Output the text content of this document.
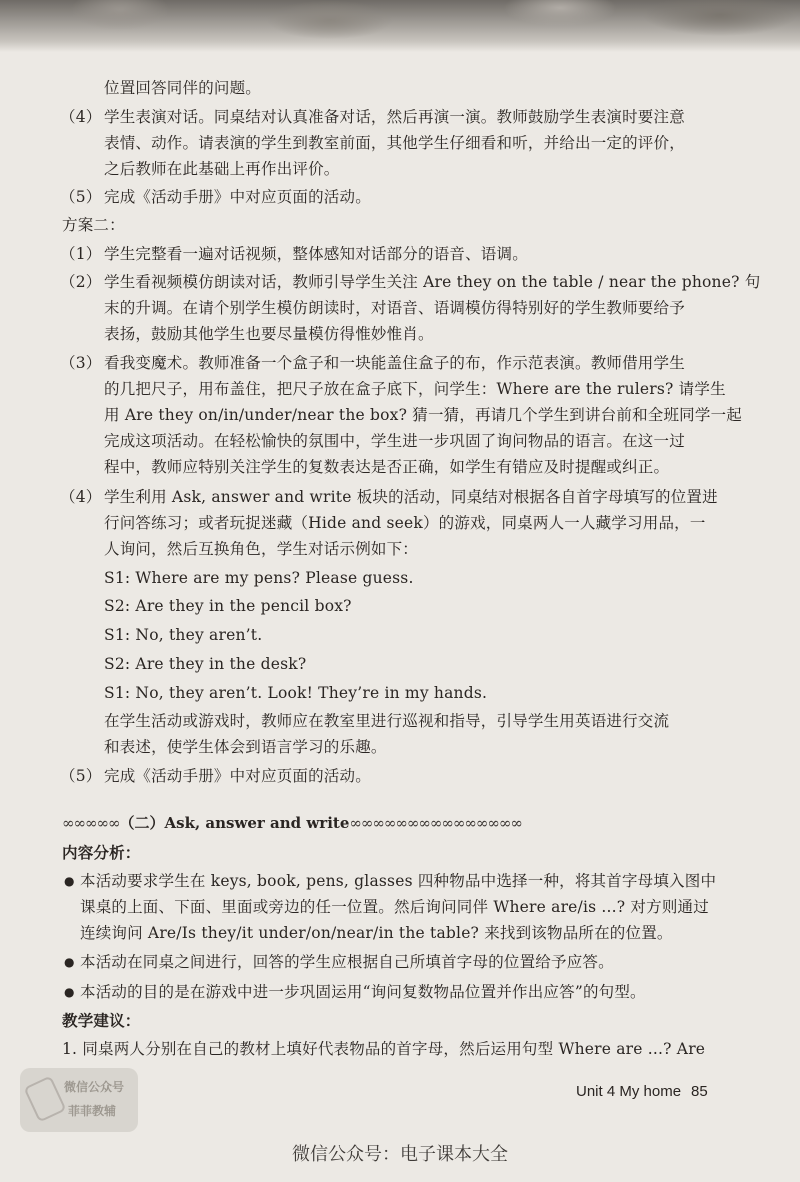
∞∞∞∞∞（二）Ask, answer and write∞∞∞∞∞∞∞∞∞∞∞∞∞∞∞
Unit 4 My home 85
微信公众号
菲菲教辅
微信公众号：电子课本大全
位置回答同伴的问题。
（4） 学生表演对话。同桌结对认真准备对话，然后再演一演。教师鼓励学生表演时要注意
表情、动作。请表演的学生到教室前面，其他学生仔细看和听，并给出一定的评价，
之后教师在此基础上再作出评价。
（5） 完成《活动手册》中对应页面的活动。
方案二：
（1） 学生完整看一遍对话视频，整体感知对话部分的语音、语调。
（2） 学生看视频模仿朗读对话，教师引导学生关注 Are they on the table / near the phone? 句
末的升调。在请个别学生模仿朗读时，对语音、语调模仿得特别好的学生教师要给予
表扬，鼓励其他学生也要尽量模仿得惟妙惟肖。
（3） 看我变魔术。教师准备一个盒子和一块能盖住盒子的布，作示范表演。教师借用学生
的几把尺子，用布盖住，把尺子放在盒子底下，问学生：Where are the rulers? 请学生
用 Are they on/in/under/near the box? 猜一猜，再请几个学生到讲台前和全班同学一起
完成这项活动。在轻松愉快的氛围中，学生进一步巩固了询问物品的语言。在这一过
程中，教师应特别关注学生的复数表达是否正确，如学生有错应及时提醒或纠正。
（4） 学生利用 Ask, answer and write 板块的活动，同桌结对根据各自首字母填写的位置进
行问答练习；或者玩捉迷藏（Hide and seek）的游戏，同桌两人一人藏学习用品，一
人询问，然后互换角色，学生对话示例如下：
S1: Where are my pens? Please guess.
S2: Are they in the pencil box?
S1: No, they aren’t.
S2: Are they in the desk?
S1: No, they aren’t. Look! They’re in my hands.
在学生活动或游戏时，教师应在教室里进行巡视和指导，引导学生用英语进行交流
和表述，使学生体会到语言学习的乐趣。
（5） 完成《活动手册》中对应页面的活动。
内容分析：
● 本活动要求学生在 keys, book, pens, glasses 四种物品中选择一种，将其首字母填入图中
课桌的上面、下面、里面或旁边的任一位置。然后询问同伴 Where are/is ...? 对方则通过
连续询问 Are/Is they/it under/on/near/in the table? 来找到该物品所在的位置。
● 本活动在同桌之间进行，回答的学生应根据自己所填首字母的位置给予应答。
● 本活动的目的是在游戏中进一步巩固运用“询问复数物品位置并作出应答”的句型。
教学建议：
1. 同桌两人分别在自己的教材上填好代表物品的首字母，然后运用句型 Where are ...? Are
